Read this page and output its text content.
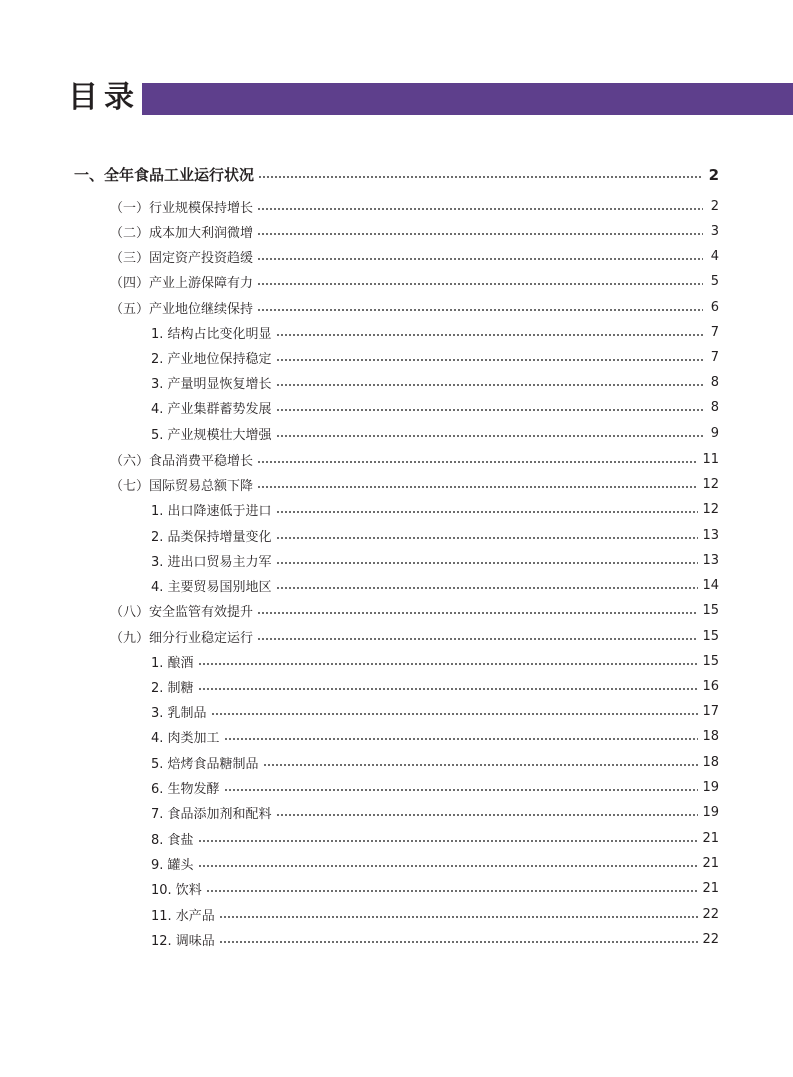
目录
一、全年食品工业运行状况	2
（一）行业规模保持增长	2
（二）成本加大利润微增	3
（三）固定资产投资趋缓	4
（四）产业上游保障有力	5
（五）产业地位继续保持	6
1. 结构占比变化明显	7
2. 产业地位保持稳定	7
3. 产量明显恢复增长	8
4. 产业集群蓄势发展	8
5. 产业规模壮大增强	9
（六）食品消费平稳增长	11
（七）国际贸易总额下降	12
1. 出口降速低于进口	12
2. 品类保持增量变化	13
3. 进出口贸易主力军	13
4. 主要贸易国别地区	14
（八）安全监管有效提升	15
（九）细分行业稳定运行	15
1. 酿酒	15
2. 制糖	16
3. 乳制品	17
4. 肉类加工	18
5. 焙烤食品糖制品	18
6. 生物发酵	19
7. 食品添加剂和配料	19
8. 食盐	21
9. 罐头	21
10. 饮料	21
11. 水产品	22
12. 调味品	22
